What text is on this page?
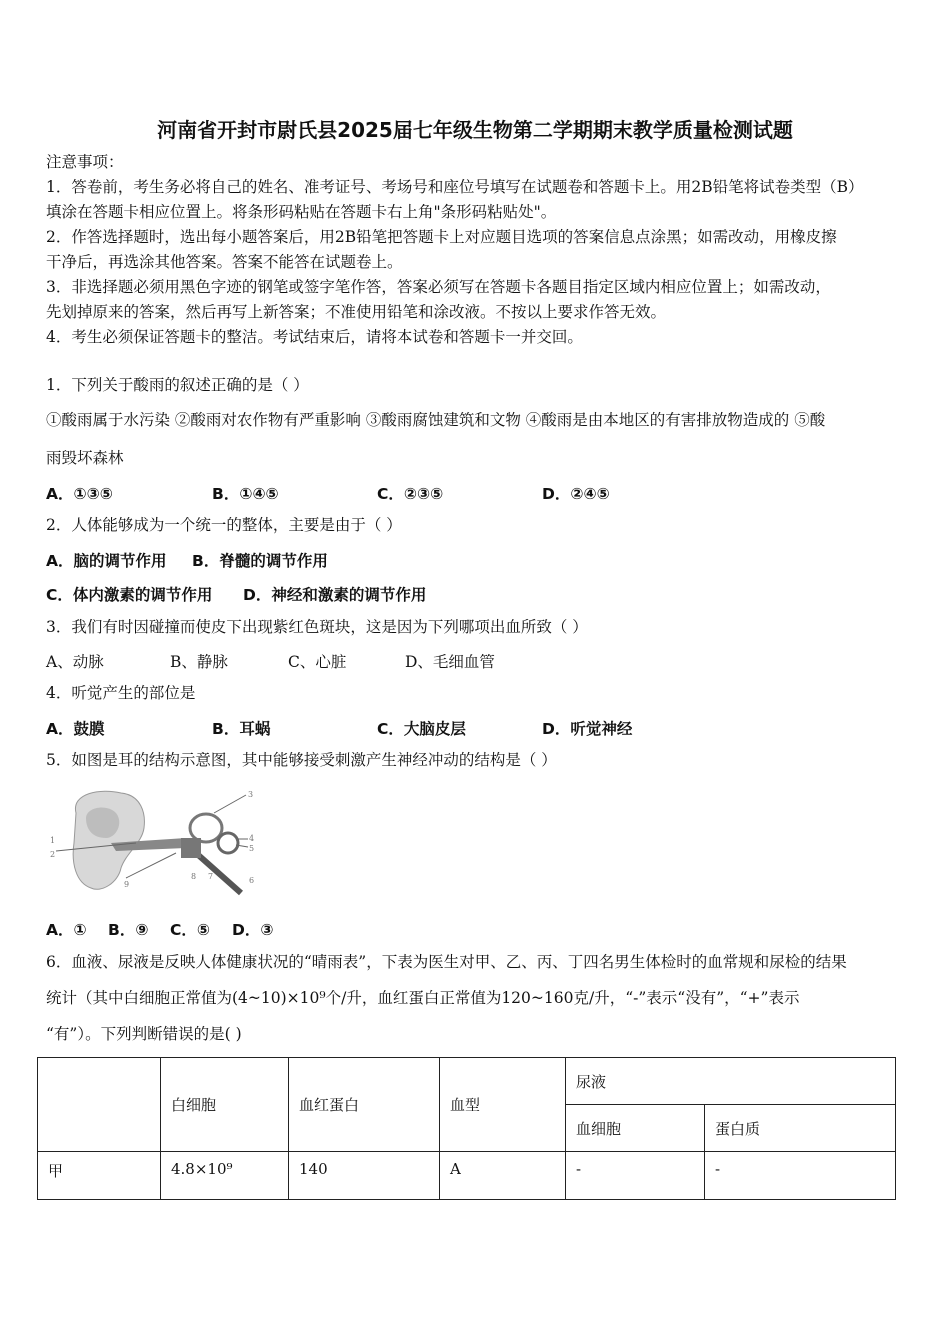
河南省开封市尉氏县2025届七年级生物第二学期期末教学质量检测试题
注意事项：
1．答卷前，考生务必将自己的姓名、准考证号、考场号和座位号填写在试题卷和答题卡上。用2B铅笔将试卷类型（B）
填涂在答题卡相应位置上。将条形码粘贴在答题卡右上角"条形码粘贴处"。
2．作答选择题时，选出每小题答案后，用2B铅笔把答题卡上对应题目选项的答案信息点涂黑；如需改动，用橡皮擦
干净后，再选涂其他答案。答案不能答在试题卷上。
3．非选择题必须用黑色字迹的钢笔或签字笔作答，答案必须写在答题卡各题目指定区域内相应位置上；如需改动，
先划掉原来的答案，然后再写上新答案；不准使用铅笔和涂改液。不按以上要求作答无效。
4．考生必须保证答题卡的整洁。考试结束后，请将本试卷和答题卡一并交回。
1．下列关于酸雨的叙述正确的是（ ）
①酸雨属于水污染 ②酸雨对农作物有严重影响 ③酸雨腐蚀建筑和文物 ④酸雨是由本地区的有害排放物造成的 ⑤酸
雨毁坏森林
A．①③⑤	B．①④⑤	C．②③⑤	D．②④⑤
2．人体能够成为一个统一的整体，主要是由于（ ）
A．脑的调节作用 B．脊髓的调节作用
C．体内激素的调节作用 D．神经和激素的调节作用
3．我们有时因碰撞而使皮下出现紫红色斑块，这是因为下列哪项出血所致（ ）
A、动脉	B、静脉	C、心脏	D、毛细血管
4．听觉产生的部位是
A．鼓膜	B．耳蜗	C．大脑皮层	D．听觉神经
5．如图是耳的结构示意图，其中能够接受刺激产生神经冲动的结构是（ ）
1
2
3
4
5
6
7
8
9
A．① B．⑨ C．⑤ D．③
6．血液、尿液是反映人体健康状况的“晴雨表”，下表为医生对甲、乙、丙、丁四名男生体检时的血常规和尿检的结果
统计（其中白细胞正常值为(4~10)×10⁹个/升，血红蛋白正常值为120~160克/升，“-”表示“没有”，“+”表示
“有”）。下列判断错误的是( )
	白细胞	血红蛋白	血型	尿液	
				血细胞	蛋白质
甲	4.8×10⁹	140	A	-	-
